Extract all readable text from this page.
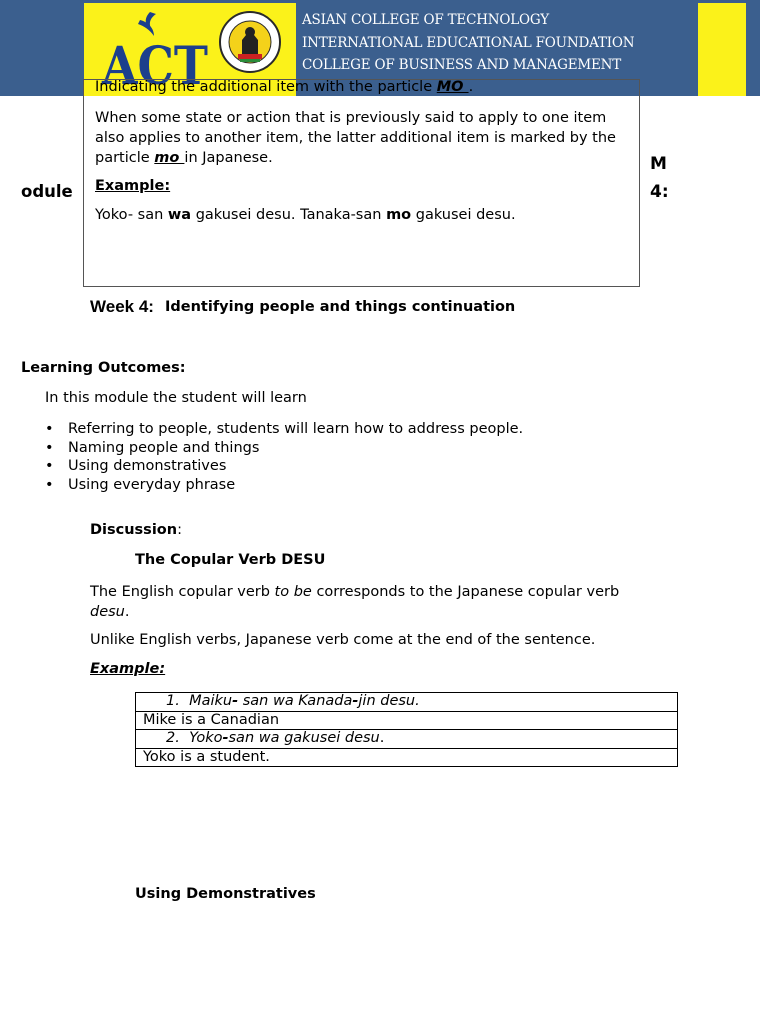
ACT
ASIAN COLLEGE OF TECHNOLOGY
INTERNATIONAL EDUCATIONAL FOUNDATION
COLLEGE OF BUSINESS AND MANAGEMENT
odule
M
4:
Indicating the additional item with the particle MO .
When some state or action that is previously said to apply to one item also applies to another item, the latter additional item is marked by the particle mo in Japanese.
Example:
Yoko- san wa gakusei desu. Tanaka-san mo gakusei desu.
Week 4: Identifying people and things continuation
Learning Outcomes:
In this module the student will learn
• Referring to people, students will learn how to address people.
• Naming people and things
• Using demonstratives
• Using everyday phrase
Discussion:
The Copular Verb DESU
The English copular verb to be corresponds to the Japanese copular verb desu.
Unlike English verbs, Japanese verb come at the end of the sentence.
Example:
1. Maiku- san wa Kanada-jin desu.
Mike is a Canadian
2. Yoko-san wa gakusei desu.
Yoko is a student.
Using Demonstratives
